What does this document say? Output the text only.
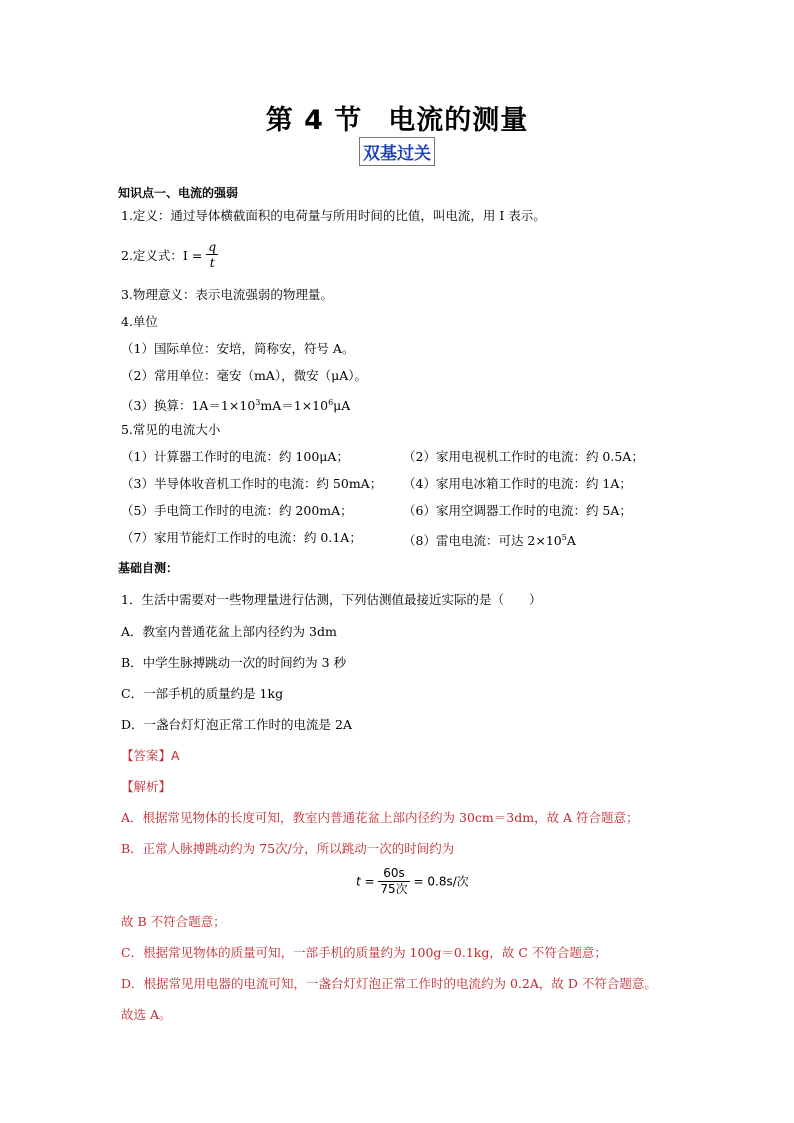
第 4 节 电流的测量
双基过关
知识点一、电流的强弱
1.定义：通过导体横截面积的电荷量与所用时间的比值，叫电流，用 I 表示。
2.定义式：$I = \frac{q}{t}$
3.物理意义：表示电流强弱的物理量。
4.单位
（1）国际单位：安培，简称安，符号 A。
（2）常用单位：毫安（mA），微安（μA）。
（3）换算：$1A=1\times 10^3mA=1\times 10^6\mu A$
5.常见的电流大小
（1）计算器工作时的电流：约 100μA；	（2）家用电视机工作时的电流：约 0.5A；
（3）半导体收音机工作时的电流：约 50mA； （4）家用电冰箱工作时的电流：约 1A；
（5）手电筒工作时的电流：约 200mA；	（6）家用空调器工作时的电流：约 5A；
（7）家用节能灯工作时的电流：约 0.1A；	（8）雷电电流：可达 $2\times 10^5A$
基础自测：
1．生活中需要对一些物理量进行估测，下列估测值最接近实际的是（　　）
A．教室内普通花盆上部内径约为 3dm
B．中学生脉搏跳动一次的时间约为 3 秒
C．一部手机的质量约是 1kg
D．一盏台灯灯泡正常工作时的电流是 2A
【答案】A
【解析】
A．根据常见物体的长度可知，教室内普通花盆上部内径约为 30cm＝3dm，故 A 符合题意；
B．正常人脉搏跳动约为 75次/分，所以跳动一次的时间约为
$t = \frac{60s}{\text{75次}} = 0.8s/$次
故 B 不符合题意；
C．根据常见物体的质量可知，一部手机的质量约为 100g＝0.1kg，故 C 不符合题意；
D．根据常见用电器的电流可知，一盏台灯灯泡正常工作时的电流约为 0.2A，故 D 不符合题意。
故选 A。
